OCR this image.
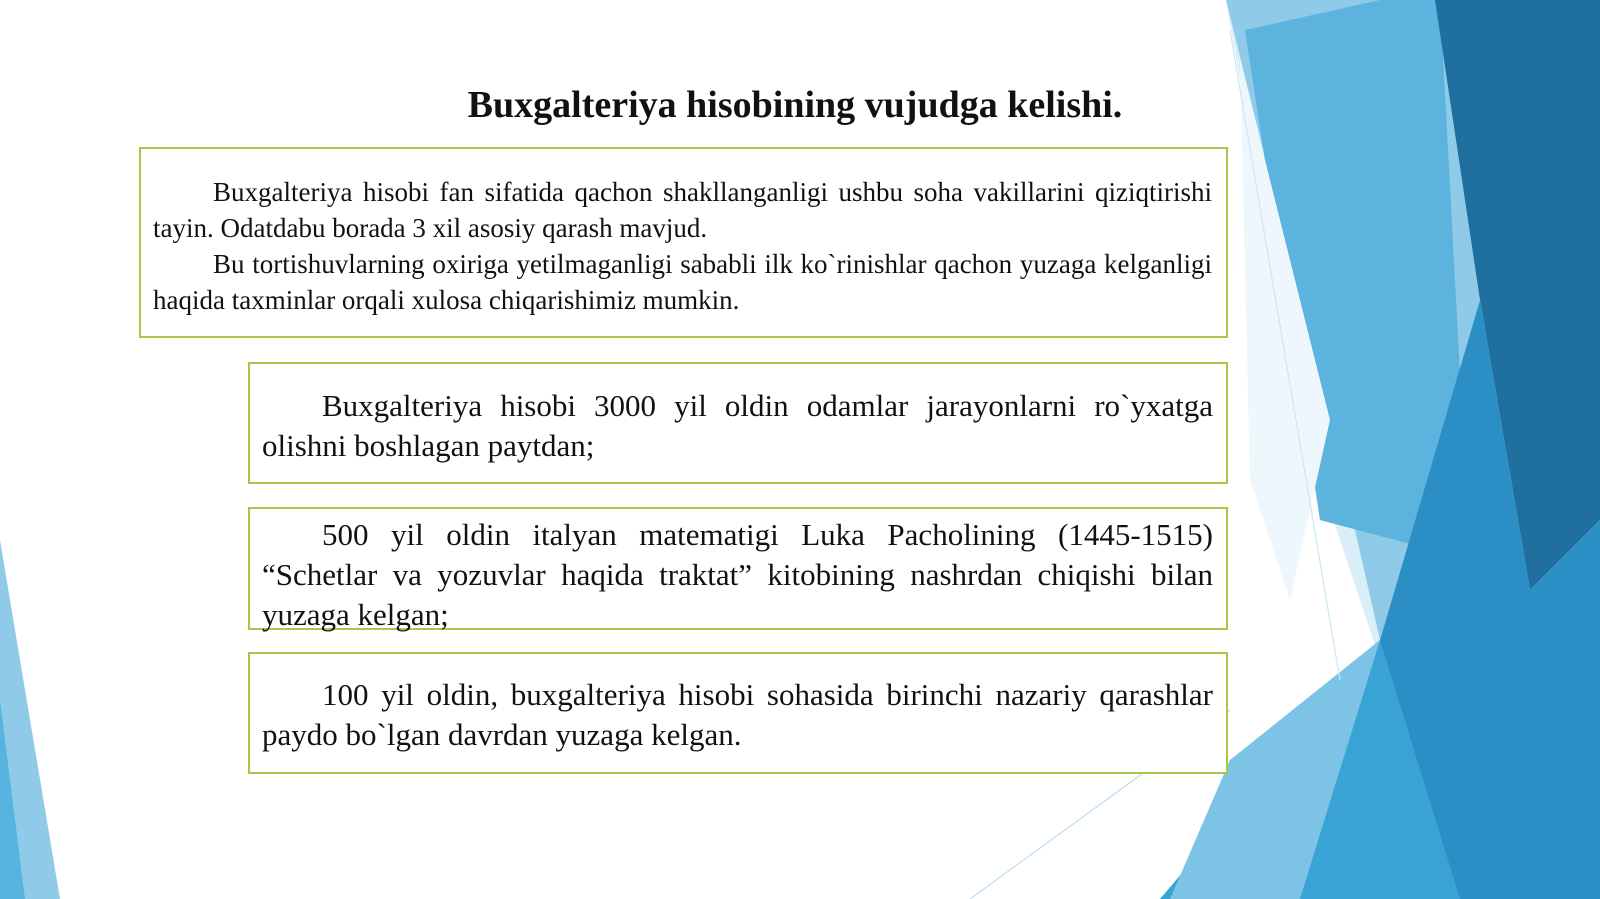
Buxgalteriya hisobining vujudga kelishi.

Buxgalteriya hisobi fan sifatida qachon shakllanganligi ushbu soha vakillarini qiziqtirishi tayin. Odatdabu borada 3 xil asosiy qarash mavjud.

Bu tortishuvlarning oxiriga yetilmaganligi sababli ilk ko`rinishlar qachon yuzaga kelganligi haqida taxminlar orqali xulosa chiqarishimiz mumkin.

Buxgalteriya hisobi 3000 yil oldin odamlar jarayonlarni ro`yxatga olishni boshlagan paytdan;

500 yil oldin italyan matematigi Luka Pacholining (1445-1515) “Schetlar va yozuvlar haqida traktat” kitobining nashrdan chiqishi bilan yuzaga kelgan;

100 yil oldin, buxgalteriya hisobi sohasida birinchi nazariy qarashlar paydo bo`lgan davrdan yuzaga kelgan.
